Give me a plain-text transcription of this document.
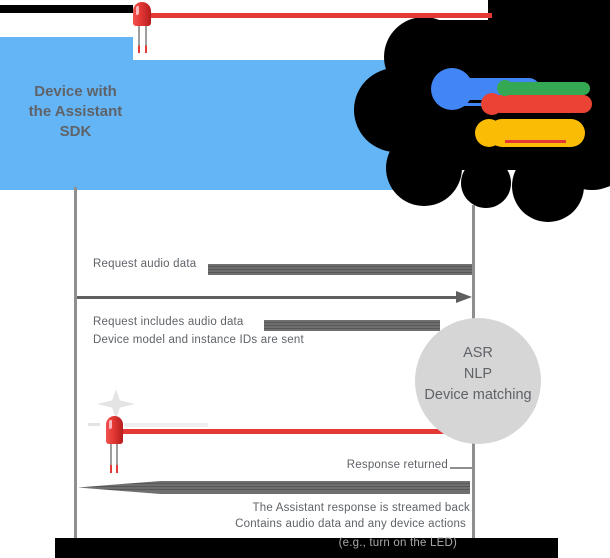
Device with
the Assistant
SDK
Request audio data
Request includes audio data
Device model and instance IDs are sent
ASR
NLP
Device matching
Response returned
The Assistant response is streamed back
Contains audio data and any device actions
(e.g., turn on the LED)
